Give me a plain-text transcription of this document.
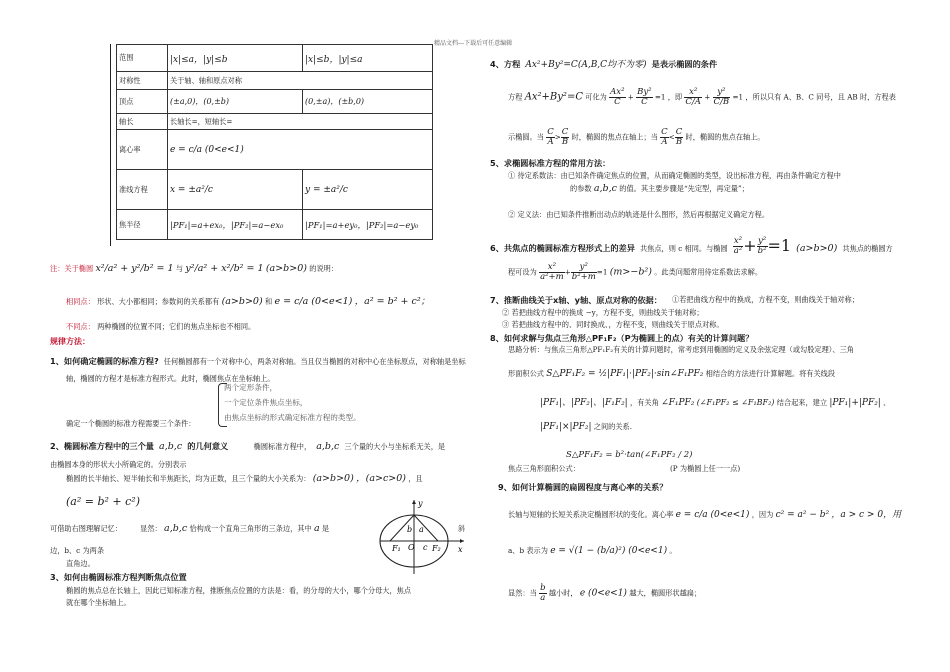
精品文档---下载后可任意编辑
范围	|x|≤a，|y|≤b	|x|≤b，|y|≤a
对称性	关于轴、轴和原点对称	
顶点	(±a,0)，(0,±b)	(0,±a)，(±b,0)
轴长	长轴长=，短轴长=	
离心率	e = c/a (0<e<1)	
准线方程	x = ±a²/c	y = ±a²/c
焦半径	|PF₁|=a+ex₀，|PF₂|=a−ex₀	|PF₁|=a+ey₀，|PF₂|=a−ey₀
注：关于椭圆 x²/a² + y²/b² = 1 与 y²/a² + x²/b² = 1 (a>b>0) 的说明：
相同点： 形状、大小都相同；参数间的关系都有 (a>b>0) 和 e = c/a (0<e<1) ，a² = b² + c²；
不同点： 两种椭圆的位置不同；它们的焦点坐标也不相同。
规律方法：
1、如何确定椭圆的标准方程? 任何椭圆都有一个对称中心，两条对称轴。当且仅当椭圆的对称中心在坐标原点，对称轴是坐标
轴，椭圆的方程才是标准方程形式。此时，椭圆焦点在坐标轴上。
两个定形条件，
一个定位条件焦点坐标，
由焦点坐标的形式确定标准方程的类型。
确定一个椭圆的标准方程需要三个条件：
2、椭圆标准方程中的三个量 a,b,c 的几何意义	椭圆标准方程中， a,b,c 三个量的大小与坐标系无关，是
由椭圆本身的形状大小所确定的。分别表示
椭圆的长半轴长、短半轴长和半焦距长，均为正数，且三个量的大小关系为： (a>b>0) ，(a>c>0) ，且
(a² = b² + c²)
可借助右图理解记忆：	显然： a,b,c 恰构成一个直角三角形的三条边，其中 a 是	斜
边，b、c 为两条
直角边。
3、如何由椭圆标准方程判断焦点位置
椭圆的焦点总在长轴上，因此已知标准方程，推断焦点位置的方法是：看，的分母的大小，哪个分母大，焦点
就在哪个坐标轴上。
b a
c
O
F₁	F₂
y
x
4、方程 Ax²+By²=C(A,B,C均不为零) 是表示椭圆的条件
方程 Ax²+By²=C 可化为 $\frac{\text{Ax²}}{C} + \frac{\text{By²}}{C} =1$ ，即 $\frac{\text{x²}}{C/A} + \frac{\text{y²}}{C/B} =1$ ，所以只有 A、B、C 同号，且 AB 时，方程表
示椭圆。当 $\frac{C}{A} > \frac{C}{B}$ 时，椭圆的焦点在轴上；当 $\frac{C}{A} < \frac{C}{B}$ 时，椭圆的焦点在轴上。
5、求椭圆标准方程的常用方法：
① 待定系数法：由已知条件确定焦点的位置，从而确定椭圆的类型，设出标准方程，再由条件确定方程中
的参数 a,b,c 的值。其主要步骤是“先定型，再定量”；
② 定义法：由已知条件推断出动点的轨迹是什么图形，然后再根据定义确定方程。
6、共焦点的椭圆标准方程形式上的差异 共焦点，则 c 相同。与椭圆 $\frac{\text{x²}}{\text{a²}} + \frac{\text{y²}}{\text{b²}} =1$ (a>b>0) 共焦点的椭圆方
程可设为 $\frac{\text{x²}}{\text{a²+m}} + \frac{\text{y²}}{\text{b²+m}} =1$ (m>−b²) 。此类问题常用待定系数法求解。
7、推断曲线关于x轴、y轴、原点对称的依据： ①若把曲线方程中的换成，方程不变，则曲线关于轴对称；
② 若把曲线方程中的换成 −y，方程不变，则曲线关于轴对称；
③ 若把曲线方程中的、同时换成、，方程不变，则曲线关于原点对称。
8、如何求解与焦点三角形△PF₁F₂（P为椭圆上的点）有关的计算问题？
思路分析：与焦点三角形△PF₁F₂有关的计算问题时，常考虑到用椭圆的定义及余弦定理（或勾股定理）、三角
形面积公式 S△PF₁F₂ = ½|PF₁|·|PF₂|·sin∠F₁PF₂ 相结合的方法进行计算解题。将有关线段
|PF₁|、|PF₂|、|F₁F₂| ，有关角 ∠F₁PF₂ (∠F₁PF₂ ≤ ∠F₁BF₂) 结合起来，建立 |PF₁|+|PF₂| 、
|PF₁|×|PF₂| 之间的关系.
S△PF₁F₂ = b²·tan(∠F₁PF₂ / 2)
焦点三角形面积公式：	(P 为椭圆上任一一点)
9、如何计算椭圆的扁圆程度与离心率的关系？
长轴与短轴的长短关系决定椭圆形状的变化。离心率 e = c/a (0<e<1) ，因为 c² = a² − b² ，a > c > 0，用
a、b 表示为 e = √(1 − (b/a)²) (0<e<1) 。
显然：当 $\frac{b}{a}$ 越小时， e (0<e<1) 越大，椭圆形状越扁；
